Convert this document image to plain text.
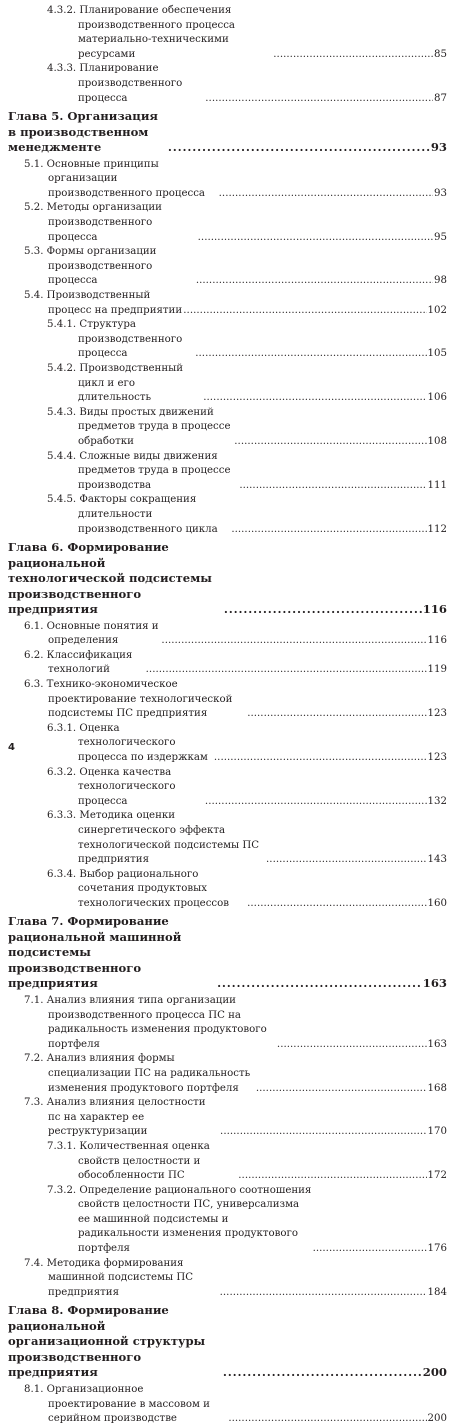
4.3.2. Планирование обеспечения производственного процесса материально-техническими ресурсами . . .	85
4.3.3. Планирование производственного процесса . . .	87
Глава 5. Организация в производственном менеджменте . . .	93
5.1. Основные принципы организации производственного процесса . . .	93
5.2. Методы организации производственного процесса . . .	95
5.3. Формы организации производственного процесса . . .	98
5.4. Производственный процесс на предприятии . . .	102
5.4.1. Структура производственного процесса . . .	105
5.4.2. Производственный цикл и его длительность . . .	106
5.4.3. Виды простых движений предметов труда в процессе обработки . . .	108
5.4.4. Сложные виды движения предметов труда в процессе производства . . .	111
5.4.5. Факторы сокращения длительности производственного цикла . . .	112
Глава 6. Формирование рациональной технологической подсистемы производственного предприятия . . .	116
6.1. Основные понятия и определения . . .	116
6.2. Классификация технологий . . .	119
6.3. Технико-экономическое проектирование технологической подсистемы ПС предприятия . . .	123
6.3.1. Оценка технологического процесса по издержкам . . .	123
6.3.2. Оценка качества технологического процесса . . .	132
6.3.3. Методика оценки синергетического эффекта технологической подсистемы ПС предприятия . . .	143
6.3.4. Выбор рационального сочетания продуктовых технологических процессов . . .	160
Глава 7. Формирование рациональной машинной подсистемы производственного предприятия . . .	163
7.1. Анализ влияния типа организации производственного процесса ПС на радикальность изменения продуктового портфеля . . .	163
7.2. Анализ влияния формы специализации ПС на радикальность изменения продуктового портфеля . . .	168
7.3. Анализ влияния целостности пс на характер ее реструктуризации . . .	170
7.3.1. Количественная оценка свойств целостности и обособленности ПС . . .	172
7.3.2. Определение рационального соотношения свойств целостности ПС, универсализма ее машинной подсистемы и радикальности изменения продуктового портфеля . . .	176
7.4. Методика формирования машинной подсистемы ПС предприятия . . .	184
Глава 8. Формирование рациональной организационной структуры производственного предприятия . . .	200
8.1. Организационное проектирование в массовом и серийном производстве . . .	200
4
